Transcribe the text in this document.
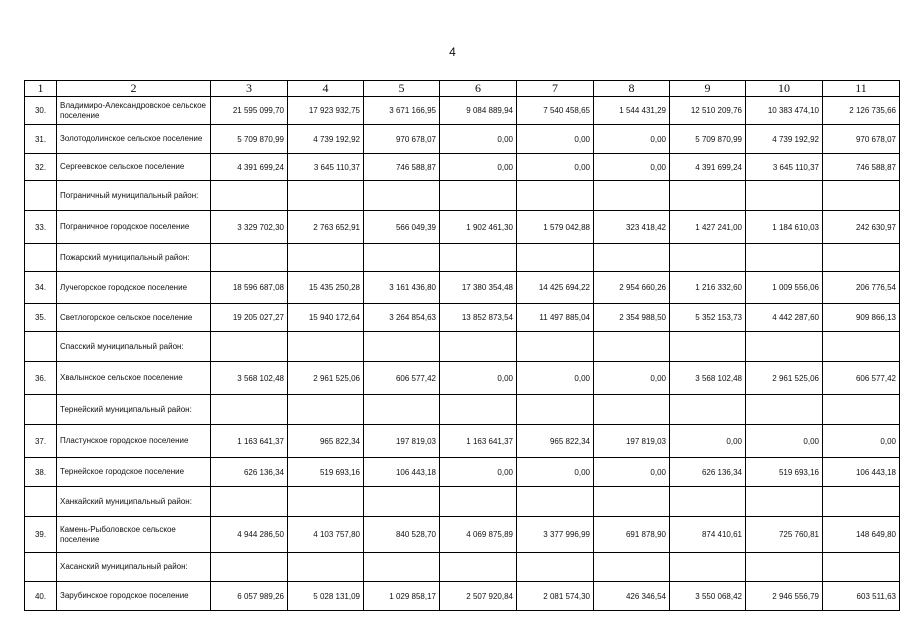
4
1	2	3	4	5	6	7	8	9	10	11
30.	Владимиро-Александровское сельское поселение	21 595 099,70	17 923 932,75	3 671 166,95	9 084 889,94	7 540 458,65	1 544 431,29	12 510 209,76	10 383 474,10	2 126 735,66
31.	Золотодолинское сельское поселение	5 709 870,99	4 739 192,92	970 678,07	0,00	0,00	0,00	5 709 870,99	4 739 192,92	970 678,07
32.	Сергеевское сельское поселение	4 391 699,24	3 645 110,37	746 588,87	0,00	0,00	0,00	4 391 699,24	3 645 110,37	746 588,87
	Пограничный муниципальный район:									
33.	Пограничное городское поселение	3 329 702,30	2 763 652,91	566 049,39	1 902 461,30	1 579 042,88	323 418,42	1 427 241,00	1 184 610,03	242 630,97
	Пожарский муниципальный район:									
34.	Лучегорское городское поселение	18 596 687,08	15 435 250,28	3 161 436,80	17 380 354,48	14 425 694,22	2 954 660,26	1 216 332,60	1 009 556,06	206 776,54
35.	Светлогорское сельское поселение	19 205 027,27	15 940 172,64	3 264 854,63	13 852 873,54	11 497 885,04	2 354 988,50	5 352 153,73	4 442 287,60	909 866,13
	Спасский муниципальный район:									
36.	Хвалынское сельское поселение	3 568 102,48	2 961 525,06	606 577,42	0,00	0,00	0,00	3 568 102,48	2 961 525,06	606 577,42
	Тернейский муниципальный район:									
37.	Пластунское городское поселение	1 163 641,37	965 822,34	197 819,03	1 163 641,37	965 822,34	197 819,03	0,00	0,00	0,00
38.	Тернейское городское поселение	626 136,34	519 693,16	106 443,18	0,00	0,00	0,00	626 136,34	519 693,16	106 443,18
	Ханкайский муниципальный район:									
39.	Камень-Рыболовское сельское поселение	4 944 286,50	4 103 757,80	840 528,70	4 069 875,89	3 377 996,99	691 878,90	874 410,61	725 760,81	148 649,80
	Хасанский муниципальный район:									
40.	Зарубинское городское поселение	6 057 989,26	5 028 131,09	1 029 858,17	2 507 920,84	2 081 574,30	426 346,54	3 550 068,42	2 946 556,79	603 511,63
